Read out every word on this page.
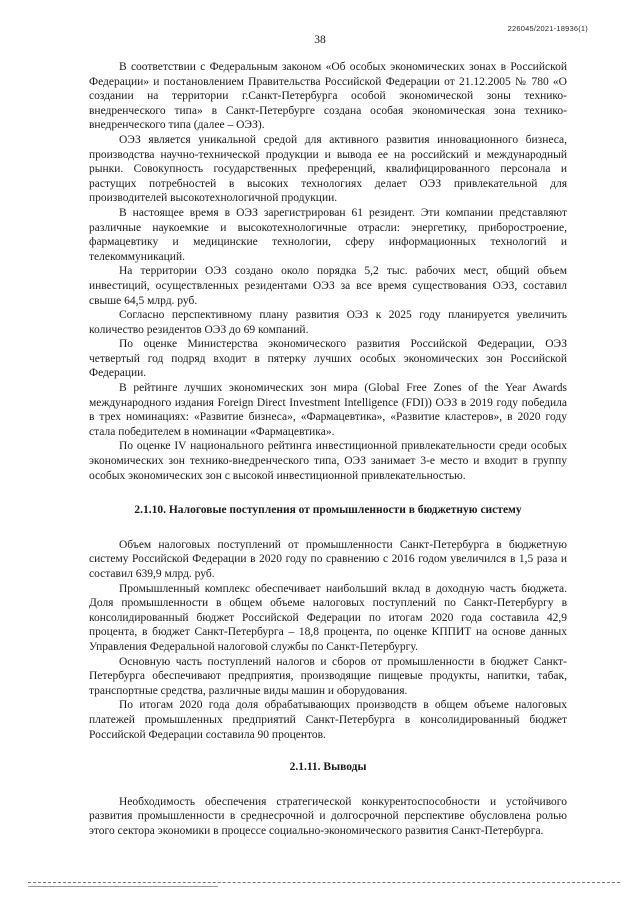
226045/2021-18936(1)
38

В соответствии с Федеральным законом «Об особых экономических зонах в Российской Федерации» и постановлением Правительства Российской Федерации от 21.12.2005 № 780 «О создании на территории г.Санкт-Петербурга особой экономической зоны технико-внедренческого типа» в Санкт-Петербурге создана особая экономическая зона технико-внедренческого типа (далее – ОЭЗ).

ОЭЗ является уникальной средой для активного развития инновационного бизнеса, производства научно-технической продукции и вывода ее на российский и международный рынки. Совокупность государственных преференций, квалифицированного персонала и растущих потребностей в высоких технологиях делает ОЭЗ привлекательной для производителей высокотехнологичной продукции.

В настоящее время в ОЭЗ зарегистрирован 61 резидент. Эти компании представляют различные наукоемкие и высокотехнологичные отрасли: энергетику, приборостроение, фармацевтику и медицинские технологии, сферу информационных технологий и телекоммуникаций.

На территории ОЭЗ создано около порядка 5,2 тыс. рабочих мест, общий объем инвестиций, осуществленных резидентами ОЭЗ за все время существования ОЭЗ, составил свыше 64,5 млрд. руб.

Согласно перспективному плану развития ОЭЗ к 2025 году планируется увеличить количество резидентов ОЭЗ до 69 компаний.

По оценке Министерства экономического развития Российской Федерации, ОЭЗ четвертый год подряд входит в пятерку лучших особых экономических зон Российской Федерации.

В рейтинге лучших экономических зон мира (Global Free Zones of the Year Awards международного издания Foreign Direct Investment Intelligence (FDI)) ОЭЗ в 2019 году победила в трех номинациях: «Развитие бизнеса», «Фармацевтика», «Развитие кластеров», в 2020 году стала победителем в номинации «Фармацевтика».

По оценке IV национального рейтинга инвестиционной привлекательности среди особых экономических зон технико-внедренческого типа, ОЭЗ занимает 3-е место и входит в группу особых экономических зон с высокой инвестиционной привлекательностью.

2.1.10. Налоговые поступления от промышленности в бюджетную систему

Объем налоговых поступлений от промышленности Санкт-Петербурга в бюджетную систему Российской Федерации в 2020 году по сравнению с 2016 годом увеличился в 1,5 раза и составил 639,9 млрд. руб.

Промышленный комплекс обеспечивает наибольший вклад в доходную часть бюджета. Доля промышленности в общем объеме налоговых поступлений по Санкт-Петербургу в консолидированный бюджет Российской Федерации по итогам 2020 года составила 42,9 процента, в бюджет Санкт-Петербурга – 18,8 процента, по оценке КППИТ на основе данных Управления Федеральной налоговой службы по Санкт-Петербургу.

Основную часть поступлений налогов и сборов от промышленности в бюджет Санкт-Петербурга обеспечивают предприятия, производящие пищевые продукты, напитки, табак, транспортные средства, различные виды машин и оборудования.

По итогам 2020 года доля обрабатывающих производств в общем объеме налоговых платежей промышленных предприятий Санкт-Петербурга в консолидированный бюджет Российской Федерации составила 90 процентов.

2.1.11. Выводы

Необходимость обеспечения стратегической конкурентоспособности и устойчивого развития промышленности в среднесрочной и долгосрочной перспективе обусловлена ролью этого сектора экономики в процессе социально-экономического развития Санкт-Петербурга.
